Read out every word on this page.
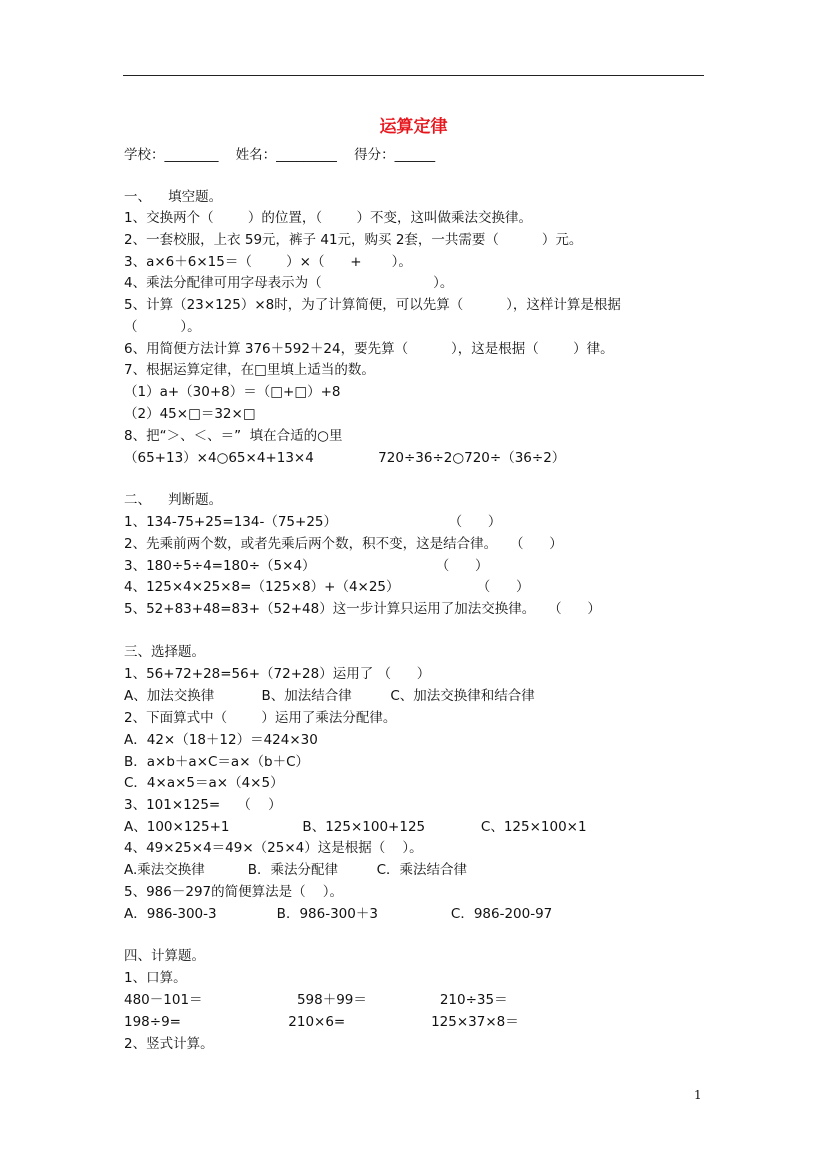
运算定律
学校：________    姓名：_________    得分：______
一、    填空题。
1、交换两个（        ）的位置，（        ）不变，这叫做乘法交换律。
2、一套校服，上衣 59元，裤子 41元，购买 2套，一共需要（          ）元。
3、a×6＋6×15＝（        ）×（      +       ）。
4、乘法分配律可用字母表示为（                          ）。
5、计算（23×125）×8时，为了计算简便，可以先算（          ），这样计算是根据
（          ）。
6、用简便方法计算 376＋592＋24，要先算（          ），这是根据（        ）律。
7、根据运算定律，在□里填上适当的数。
（1）a+（30+8）＝（□+□）+8
（2）45×□＝32×□
8、把“＞、＜、＝”  填在合适的○里
（65+13）×4○65×4+13×4               720÷36÷2○720÷（36÷2）
二、    判断题。
1、134-75+25=134-（75+25）                          （      ）
2、先乘前两个数，或者先乘后两个数，积不变，这是结合律。   （      ）
3、180÷5÷4=180÷（5×4）                            （      ）
4、125×4×25×8=（125×8）+（4×25）                  （      ）
5、52+83+48=83+（52+48）这一步计算只运用了加法交换律。   （      ）
三、选择题。
1、56+72+28=56+（72+28）运用了 （      ）
A、加法交换律           B、加法结合律         C、加法交换律和结合律
2、下面算式中（        ）运用了乘法分配律。
A．42×（18＋12）＝424×30
B．a×b＋a×C＝a×（b＋C）
C．4×a×5＝a×（4×5）
3、101×125=    （    ）
A、100×125+1                 B、125×100+125             C、125×100×1
4、49×25×4＝49×（25×4）这是根据（    ）。
A.乘法交换律          B．乘法分配律         C．乘法结合律
5、986－297的简便算法是（    ）。
A．986-300-3              B．986-300＋3                 C．986-200-97
四、计算题。
1、口算。
480－101＝                      598＋99＝                 210÷35＝
198÷9=                         210×6=                    125×37×8＝
2、竖式计算。
1
